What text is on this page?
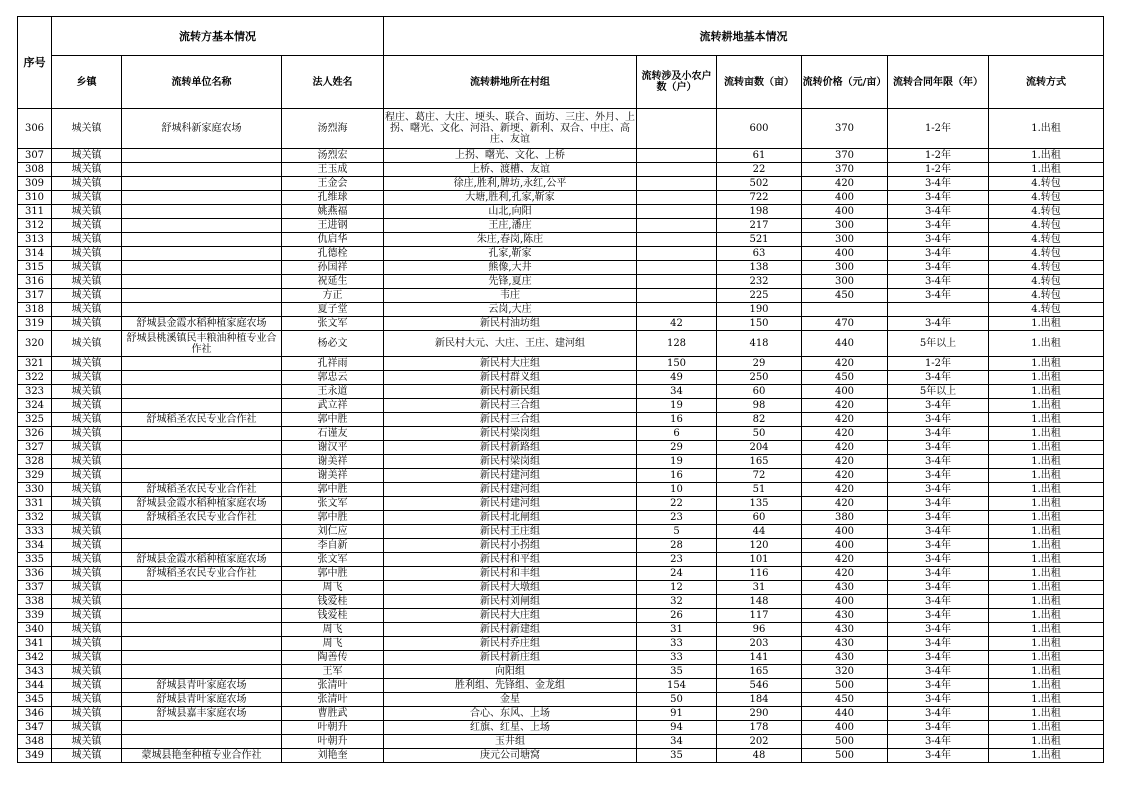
序号	流转方基本情况			流转耕地基本情况					
	乡镇	流转单位名称	法人姓名	流转耕地所在村组	流转涉及小农户数（户）	流转亩数（亩）	流转价格（元/亩）	流转合同年限（年）	流转方式
306	城关镇	舒城科新家庭农场	汤烈海	程庄、葛庄、大庄、埂头、联合、面坊、三庄、外月、上拐、曙光、文化、河沿、新埂、新利、双合、中庄、高庄、友谊		600	370	1-2年	1.出租
307	城关镇		汤烈宏	上拐、曙光、文化、上桥		61	370	1-2年	1.出租
308	城关镇		王玉成	上桥、渡槽、友谊		22	370	1-2年	1.出租
309	城关镇		王金会	徐庄,胜利,牌坊,永红,公平		502	420	3-4年	4.转包
310	城关镇		孔维球	大塘,胜利,孔家,靳家		722	400	3-4年	4.转包
311	城关镇		姚燕福	山北,向阳		198	400	3-4年	4.转包
312	城关镇		王进钢	王庄,潘庄		217	300	3-4年	4.转包
313	城关镇		仇启华	朱庄,春岗,陈庄		521	300	3-4年	4.转包
314	城关镇		孔德栓	孔家,靳家		63	400	3-4年	4.转包
315	城关镇		孙国祥	熊像,大井		138	300	3-4年	4.转包
316	城关镇		祝延生	先锋,夏庄		232	300	3-4年	4.转包
317	城关镇		方正	韦庄		225	450	3-4年	4.转包
318	城关镇		夏子堂	云岗,大庄		190			4.转包
319	城关镇	舒城县金霞水稻种植家庭农场	张文军	新民村油坊组	42	150	470	3-4年	1.出租
320	城关镇	舒城县桃溪镇民丰粮油种植专业合作社	杨必文	新民村大元、大庄、王庄、建河组	128	418	440	5年以上	1.出租
321	城关镇		孔祥雨	新民村大庄组	150	29	420	1-2年	1.出租
322	城关镇		郭忠云	新民村群义组	49	250	450	3-4年	1.出租
323	城关镇		王永道	新民村新民组	34	60	400	5年以上	1.出租
324	城关镇		武立祥	新民村三合组	19	98	420	3-4年	1.出租
325	城关镇	舒城稻圣农民专业合作社	郭中胜	新民村三合组	16	82	420	3-4年	1.出租
326	城关镇		石谨友	新民村梁岗组	6	50	420	3-4年	1.出租
327	城关镇		谢汉平	新民村新路组	29	204	420	3-4年	1.出租
328	城关镇		谢美祥	新民村梁岗组	19	165	420	3-4年	1.出租
329	城关镇		谢美祥	新民村建河组	16	72	420	3-4年	1.出租
330	城关镇	舒城稻圣农民专业合作社	郭中胜	新民村建河组	10	51	420	3-4年	1.出租
331	城关镇	舒城县金霞水稻种植家庭农场	张文军	新民村建河组	22	135	420	3-4年	1.出租
332	城关镇	舒城稻圣农民专业合作社	郭中胜	新民村北闸组	23	60	380	3-4年	1.出租
333	城关镇		刘仁应	新民村王庄组	5	44	400	3-4年	1.出租
334	城关镇		李自新	新民村小拐组	28	120	400	3-4年	1.出租
335	城关镇	舒城县金霞水稻种植家庭农场	张文军	新民村和平组	23	101	420	3-4年	1.出租
336	城关镇	舒城稻圣农民专业合作社	郭中胜	新民村和丰组	24	116	420	3-4年	1.出租
337	城关镇		周飞	新民村大墩组	12	31	430	3-4年	1.出租
338	城关镇		钱爱桂	新民村刘闸组	32	148	400	3-4年	1.出租
339	城关镇		钱爱桂	新民村大庄组	26	117	430	3-4年	1.出租
340	城关镇		周飞	新民村新建组	31	96	430	3-4年	1.出租
341	城关镇		周飞	新民村乔庄组	33	203	430	3-4年	1.出租
342	城关镇		陶善传	新民村新庄组	33	141	430	3-4年	1.出租
343	城关镇		王军	向阳组	35	165	320	3-4年	1.出租
344	城关镇	舒城县青叶家庭农场	张清叶	胜利组、先锋组、金龙组	154	546	500	3-4年	1.出租
345	城关镇	舒城县青叶家庭农场	张清叶	金星	50	184	450	3-4年	1.出租
346	城关镇	舒城县嘉丰家庭农场	曹胜武	合心、东风、上场	91	290	440	3-4年	1.出租
347	城关镇		叶朝升	红旗、红星、上场	94	178	400	3-4年	1.出租
348	城关镇		叶朝升	玉井组	34	202	500	3-4年	1.出租
349	城关镇	蒙城县艳奎种植专业合作社	刘艳奎	庚元公司塘窝	35	48	500	3-4年	1.出租
